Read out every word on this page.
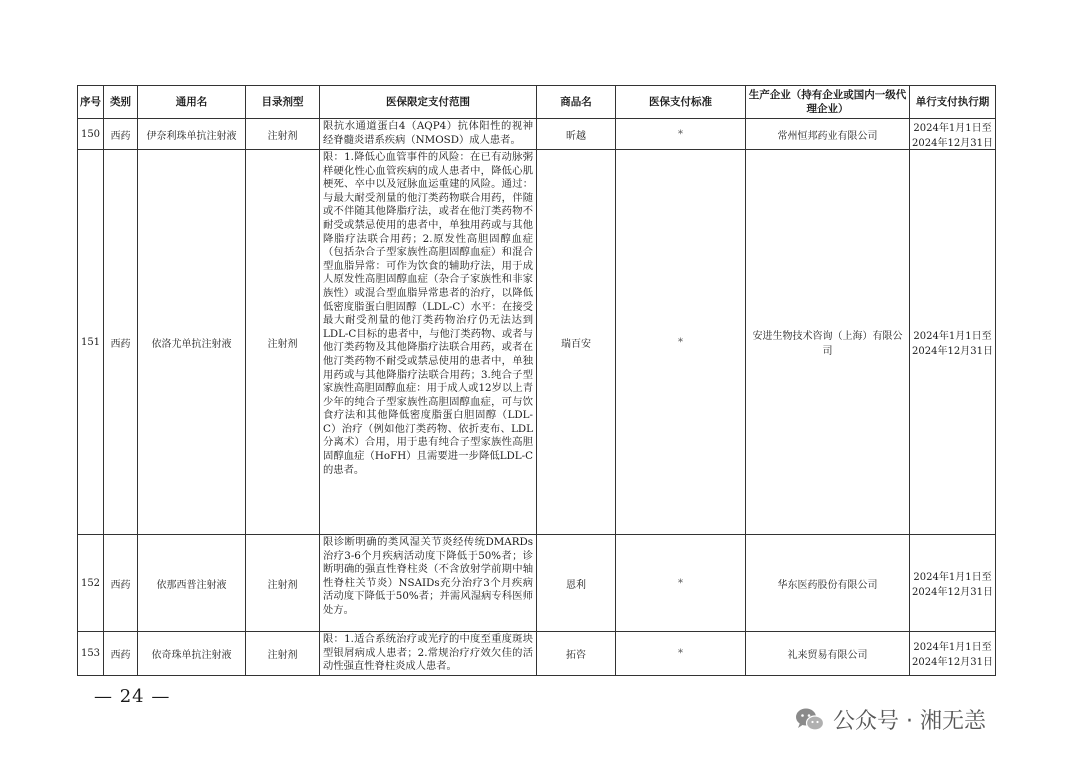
序号	类别	通用名	目录剂型	医保限定支付范围	商品名	医保支付标准	生产企业（持有企业或国内一级代理企业）	单行支付执行期
150	西药	伊奈利珠单抗注射液	注射剂	限抗水通道蛋白4（AQP4）抗体阳性的视神经脊髓炎谱系疾病（NMOSD）成人患者。	昕越	*	常州恒邦药业有限公司	2024年1月1日至
2024年12月31日

151	西药	依洛尤单抗注射液	注射剂	限：1.降低心血管事件的风险：在已有动脉粥样硬化性心血管疾病的成人患者中，降低心肌梗死、卒中以及冠脉血运重建的风险。通过：与最大耐受剂量的他汀类药物联合用药，伴随或不伴随其他降脂疗法，或者在他汀类药物不耐受或禁忌使用的患者中，单独用药或与其他降脂疗法联合用药；2.原发性高胆固醇血症（包括杂合子型家族性高胆固醇血症）和混合型血脂异常：可作为饮食的辅助疗法，用于成人原发性高胆固醇血症（杂合子家族性和非家族性）或混合型血脂异常患者的治疗，以降低低密度脂蛋白胆固醇（LDL-C）水平：在接受最大耐受剂量的他汀类药物治疗仍无法达到LDL-C目标的患者中，与他汀类药物、或者与他汀类药物及其他降脂疗法联合用药，或者在他汀类药物不耐受或禁忌使用的患者中，单独用药或与其他降脂疗法联合用药；3.纯合子型家族性高胆固醇血症：用于成人或12岁以上青少年的纯合子型家族性高胆固醇血症，可与饮食疗法和其他降低密度脂蛋白胆固醇（LDL-C）治疗（例如他汀类药物、依折麦布、LDL分离术）合用，用于患有纯合子型家族性高胆固醇血症（HoFH）且需要进一步降低LDL-C的患者。	瑞百安	*	安进生物技术咨询（上海）有限公司	2024年1月1日至
2024年12月31日

152	西药	依那西普注射液	注射剂	限诊断明确的类风湿关节炎经传统DMARDs治疗3-6个月疾病活动度下降低于50%者；诊断明确的强直性脊柱炎（不含放射学前期中轴性脊柱关节炎）NSAIDs充分治疗3个月疾病活动度下降低于50%者；并需风湿病专科医师处方。	恩利	*	华东医药股份有限公司	2024年1月1日至
2024年12月31日

153	西药	依奇珠单抗注射液	注射剂	限：1.适合系统治疗或光疗的中度至重度斑块型银屑病成人患者；2.常规治疗疗效欠佳的活动性强直性脊柱炎成人患者。	拓咨	*	礼来贸易有限公司	2024年1月1日至
2024年12月31日
— 24 —
公众号 · 湘无恙
